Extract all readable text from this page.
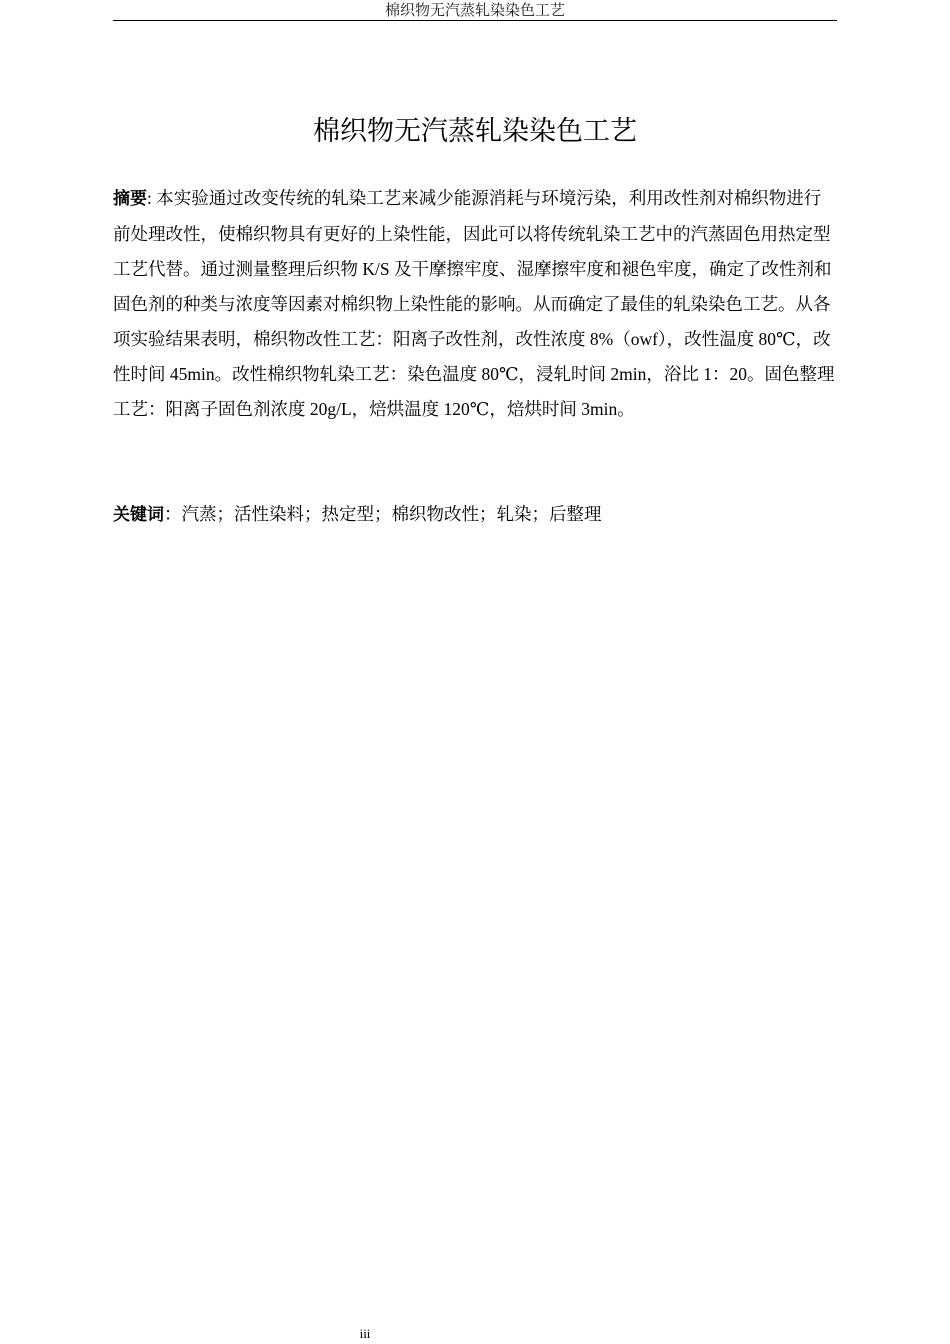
棉织物无汽蒸轧染染色工艺
棉织物无汽蒸轧染染色工艺

摘要: 本实验通过改变传统的轧染工艺来减少能源消耗与环境污染，利用改性剂对棉织物进行前处理改性，使棉织物具有更好的上染性能，因此可以将传统轧染工艺中的汽蒸固色用热定型工艺代替。通过测量整理后织物 K/S 及干摩擦牢度、湿摩擦牢度和褪色牢度，确定了改性剂和固色剂的种类与浓度等因素对棉织物上染性能的影响。从而确定了最佳的轧染染色工艺。从各项实验结果表明，棉织物改性工艺：阳离子改性剂，改性浓度 8%（owf），改性温度 80℃，改性时间 45min。改性棉织物轧染工艺：染色温度 80℃，浸轧时间 2min，浴比 1：20。固色整理工艺：阳离子固色剂浓度 20g/L，焙烘温度 120℃，焙烘时间 3min。

关键词：汽蒸；活性染料；热定型；棉织物改性；轧染；后整理

iii
